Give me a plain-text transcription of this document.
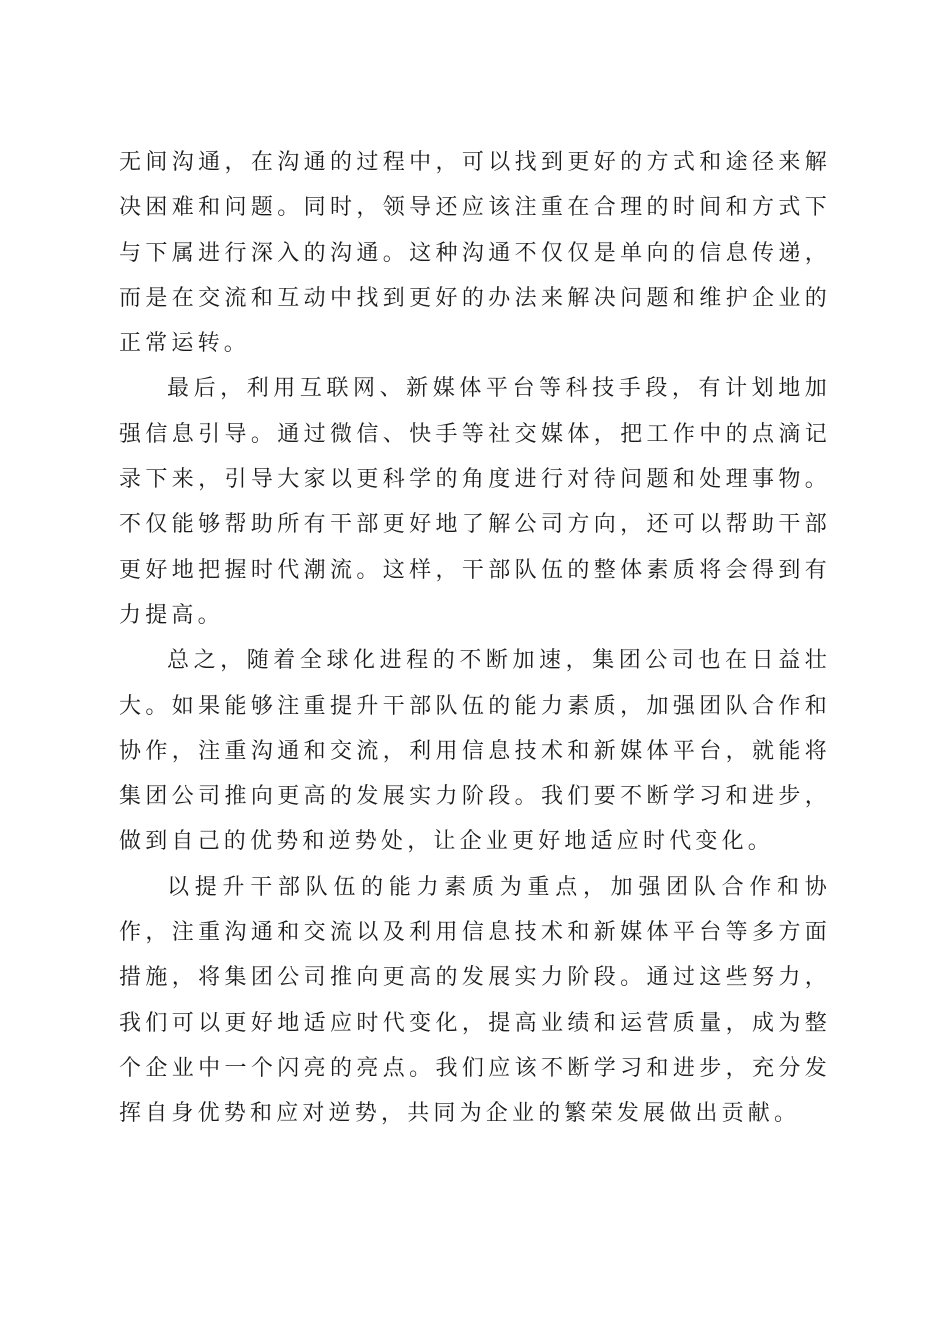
无间沟通，在沟通的过程中，可以找到更好的方式和途径来解决困难和问题。同时，领导还应该注重在合理的时间和方式下与下属进行深入的沟通。这种沟通不仅仅是单向的信息传递，而是在交流和互动中找到更好的办法来解决问题和维护企业的正常运转。

最后，利用互联网、新媒体平台等科技手段，有计划地加强信息引导。通过微信、快手等社交媒体，把工作中的点滴记录下来，引导大家以更科学的角度进行对待问题和处理事物。不仅能够帮助所有干部更好地了解公司方向，还可以帮助干部更好地把握时代潮流。这样，干部队伍的整体素质将会得到有力提高。

总之，随着全球化进程的不断加速，集团公司也在日益壮大。如果能够注重提升干部队伍的能力素质，加强团队合作和协作，注重沟通和交流，利用信息技术和新媒体平台，就能将集团公司推向更高的发展实力阶段。我们要不断学习和进步，做到自己的优势和逆势处，让企业更好地适应时代变化。

以提升干部队伍的能力素质为重点，加强团队合作和协作，注重沟通和交流以及利用信息技术和新媒体平台等多方面措施，将集团公司推向更高的发展实力阶段。通过这些努力，我们可以更好地适应时代变化，提高业绩和运营质量，成为整个企业中一个闪亮的亮点。我们应该不断学习和进步，充分发挥自身优势和应对逆势，共同为企业的繁荣发展做出贡献。
